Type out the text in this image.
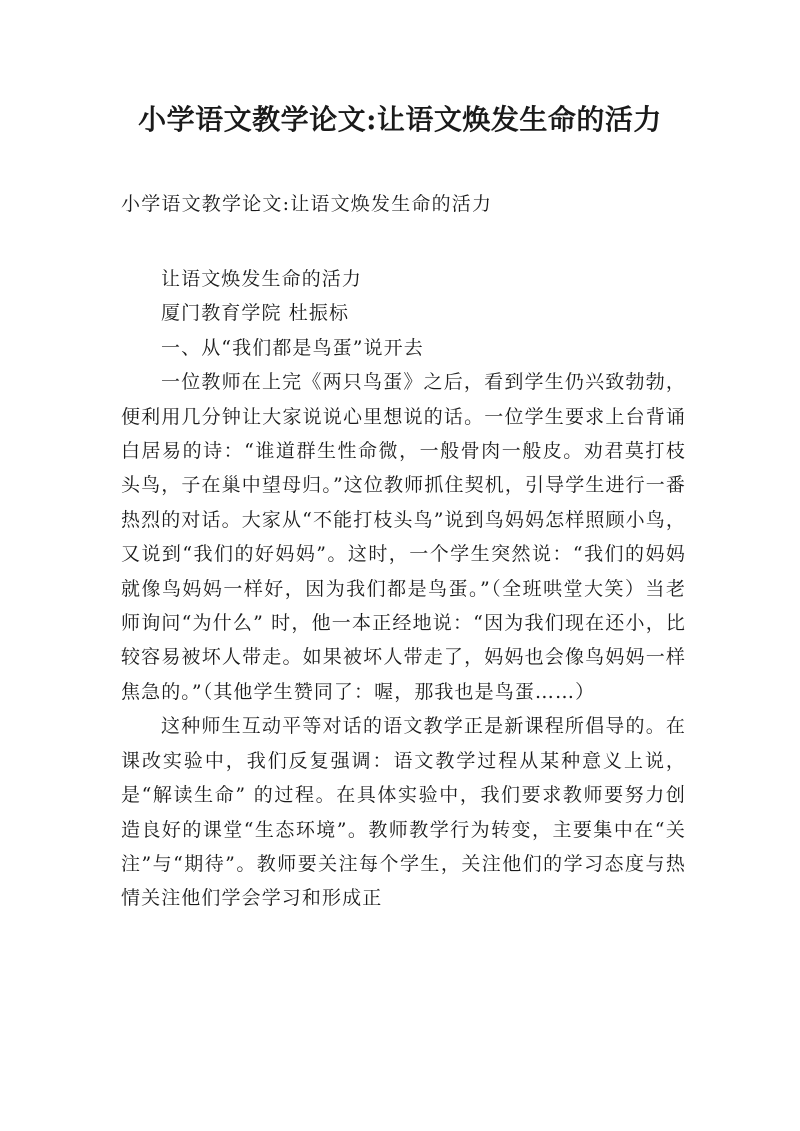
小学语文教学论文:让语文焕发生命的活力

小学语文教学论文:让语文焕发生命的活力

让语文焕发生命的活力

厦门教育学院 杜振标

一、从“我们都是鸟蛋”说开去

一位教师在上完《两只鸟蛋》之后，看到学生仍兴致勃勃，便利用几分钟让大家说说心里想说的话。一位学生要求上台背诵白居易的诗：“谁道群生性命微，一般骨肉一般皮。劝君莫打枝头鸟，子在巢中望母归。”这位教师抓住契机，引导学生进行一番热烈的对话。大家从“不能打枝头鸟”说到鸟妈妈怎样照顾小鸟，又说到“我们的好妈妈”。这时，一个学生突然说：“我们的妈妈就像鸟妈妈一样好，因为我们都是鸟蛋。”（全班哄堂大笑）当老师询问“为什么” 时，他一本正经地说：“因为我们现在还小，比较容易被坏人带走。如果被坏人带走了，妈妈也会像鸟妈妈一样焦急的。”（其他学生赞同了：喔，那我也是鸟蛋……）

这种师生互动平等对话的语文教学正是新课程所倡导的。在课改实验中，我们反复强调：语文教学过程从某种意义上说，是“解读生命” 的过程。在具体实验中，我们要求教师要努力创造良好的课堂“生态环境”。教师教学行为转变，主要集中在“关注”与“期待”。教师要关注每个学生，关注他们的学习态度与热情关注他们学会学习和形成正
